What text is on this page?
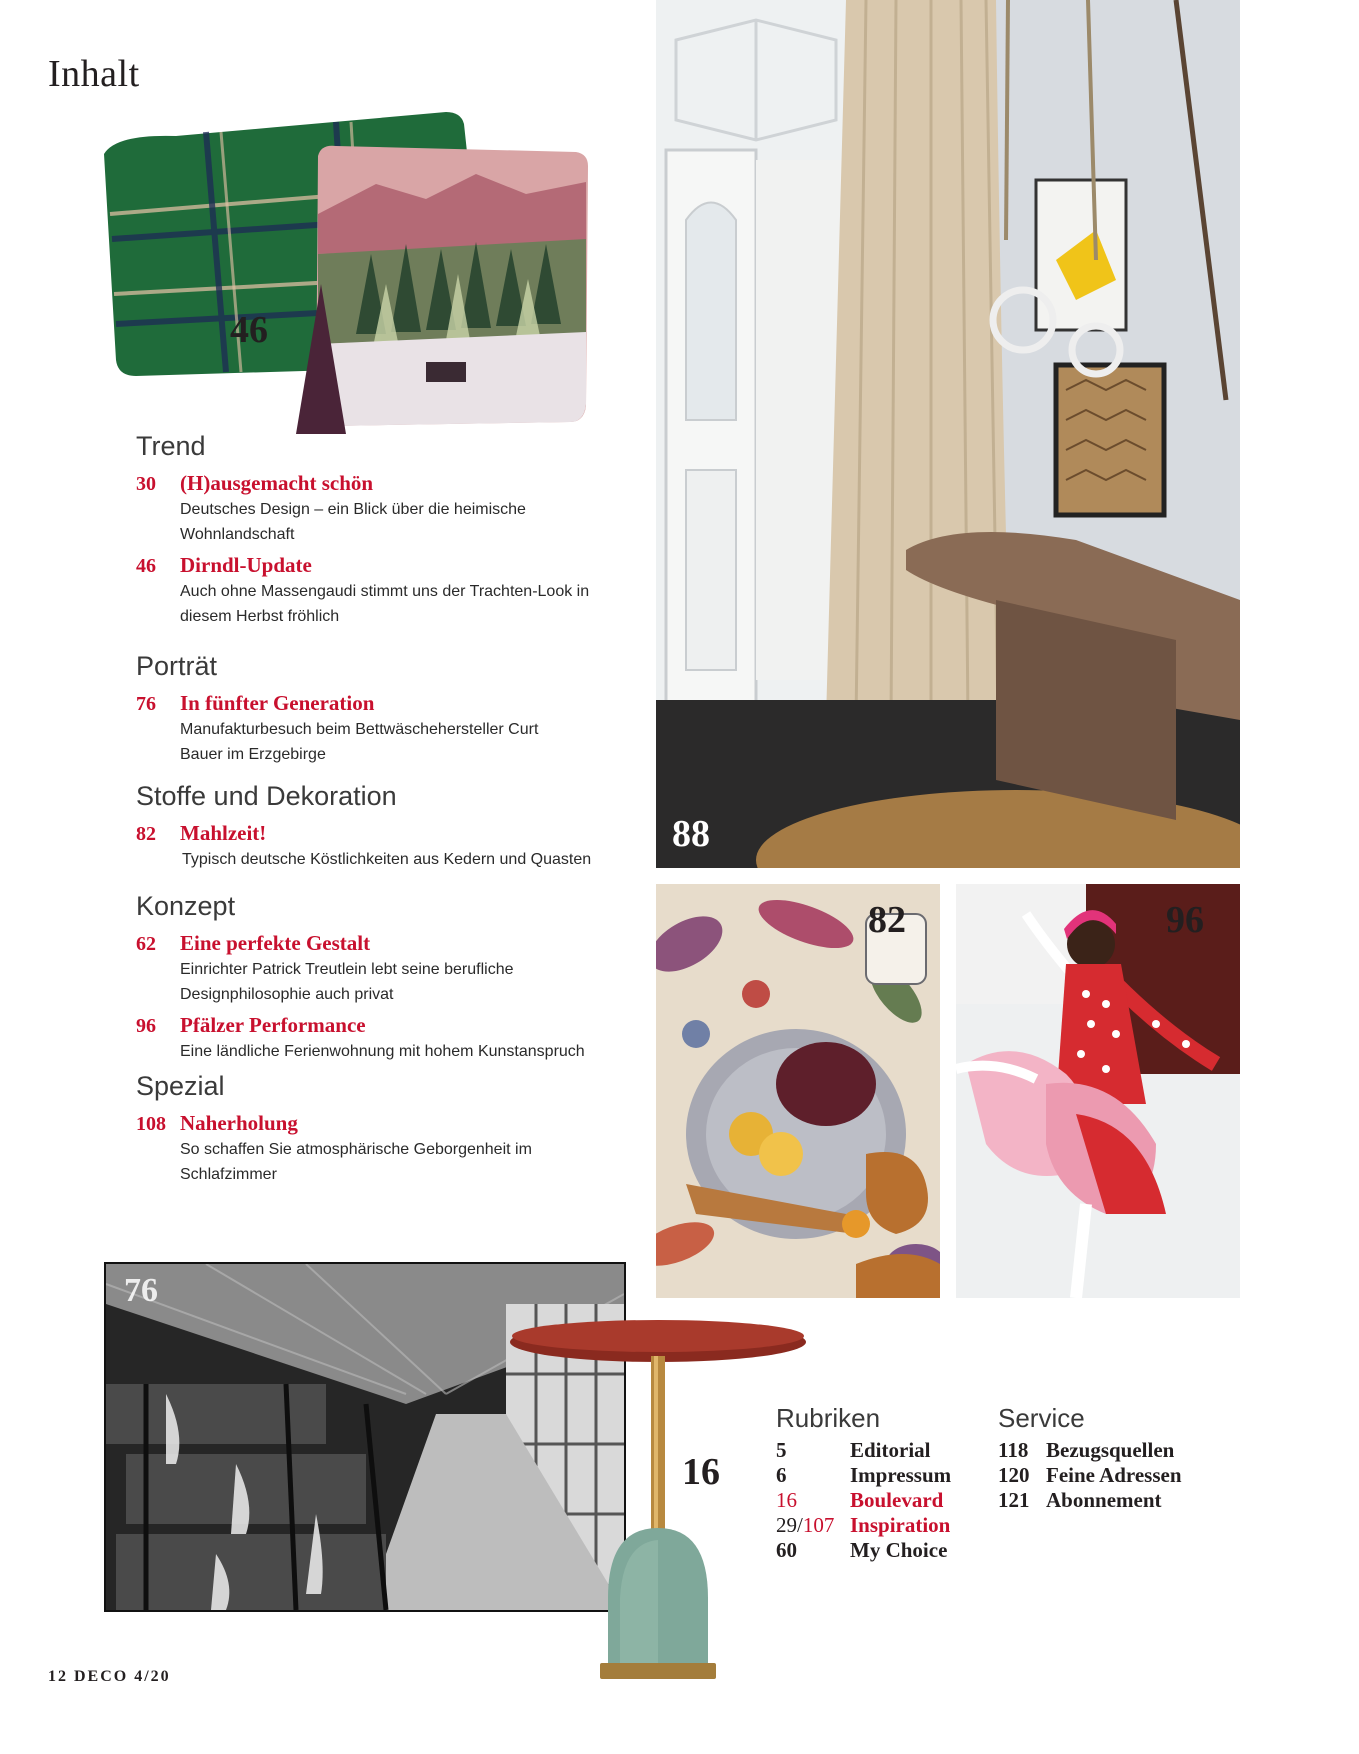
Inhalt
46
Trend
30 (H)ausgemacht schön
Deutsches Design – ein Blick über die heimische Wohnlandschaft
46 Dirndl-Update
Auch ohne Massengaudi stimmt uns der Trachten-Look in diesem Herbst fröhlich
Porträt
76 In fünfter Generation
Manufakturbesuch beim Bettwäschehersteller Curt Bauer im Erzgebirge
Stoffe und Dekoration
82 Mahlzeit!
Typisch deutsche Köstlichkeiten aus Kedern und Quasten
Konzept
62 Eine perfekte Gestalt
Einrichter Patrick Treutlein lebt seine berufliche Designphilosophie auch privat
96 Pfälzer Performance
Eine ländliche Ferienwohnung mit hohem Kunstanspruch
Spezial
108 Naherholung
So schaffen Sie atmosphärische Geborgenheit im Schlafzimmer
88
82	96
76
16
Rubriken
5	Editorial
6	Impressum
16	Boulevard
29/107 Inspiration
60	My Choice
Service
118 Bezugsquellen
120 Feine Adressen
121 Abonnement
12 DECO 4/20
